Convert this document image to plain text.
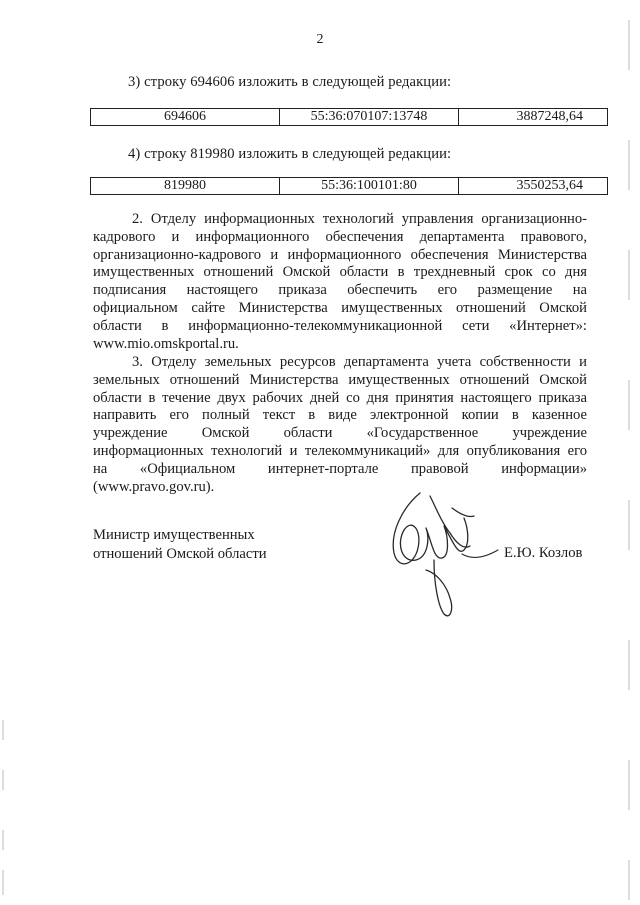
2
3) строку 694606 изложить в следующей редакции:
694606	55:36:070107:13748	3887248,64
4) строку 819980 изложить в следующей редакции:
819980	55:36:100101:80	3550253,64

2. Отделу информационных технологий управления организационно-

кадрового и информационного обеспечения департамента правового,

организационно-кадрового и информационного обеспечения Министерства

имущественных отношений Омской области в трехдневный срок со дня

подписания настоящего приказа обеспечить его размещение на

официальном сайте Министерства имущественных отношений Омской

области в информационно-телекоммуникационной сети «Интернет»:

www.mio.omskportal.ru.

3. Отделу земельных ресурсов департамента учета собственности и

земельных отношений Министерства имущественных отношений Омской

области в течение двух рабочих дней со дня принятия настоящего приказа

направить его полный текст в виде электронной копии в казенное

учреждение Омской области «Государственное учреждение

информационных технологий и телекоммуникаций» для опубликования его

на «Официальном интернет-портале правовой информации»

(www.pravo.gov.ru).

Министр имущественных
отношений Омской области	Е.Ю. Козлов
